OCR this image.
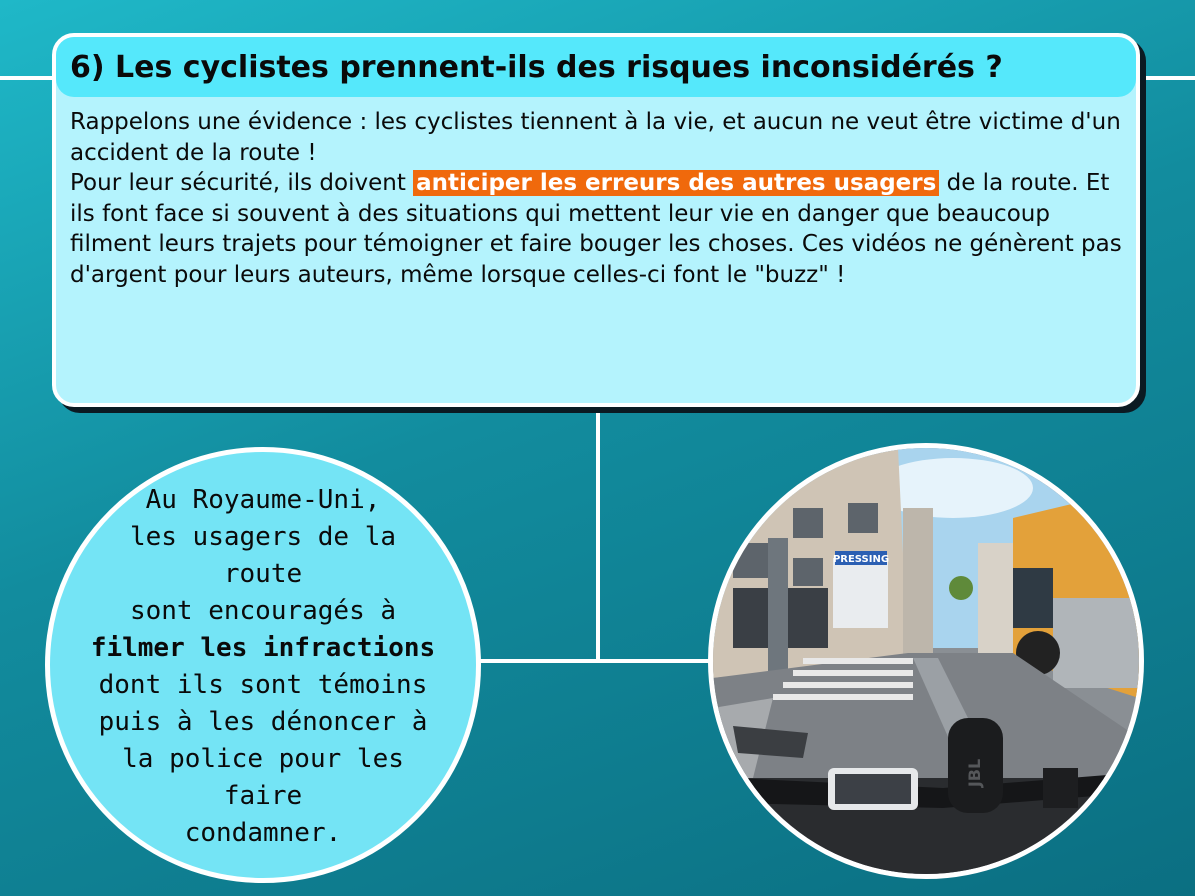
6) Les cyclistes prennent-ils des risques inconsidérés ?
Rappelons une évidence : les cyclistes tiennent à la vie, et aucun ne veut être victime d'un accident de la route !
Pour leur sécurité, ils doivent anticiper les erreurs des autres usagers de la route. Et ils font face si souvent à des situations qui mettent leur vie en danger que beaucoup filment leurs trajets pour témoigner et faire bouger les choses. Ces vidéos ne génèrent pas d'argent pour leurs auteurs, même lorsque celles-ci font le "buzz" !
Au Royaume-Uni,
les usagers de la route
sont encouragés à
filmer les infractions
dont ils sont témoins
puis à les dénoncer à
la police pour les faire
condamner.
PRESSING
JBL
